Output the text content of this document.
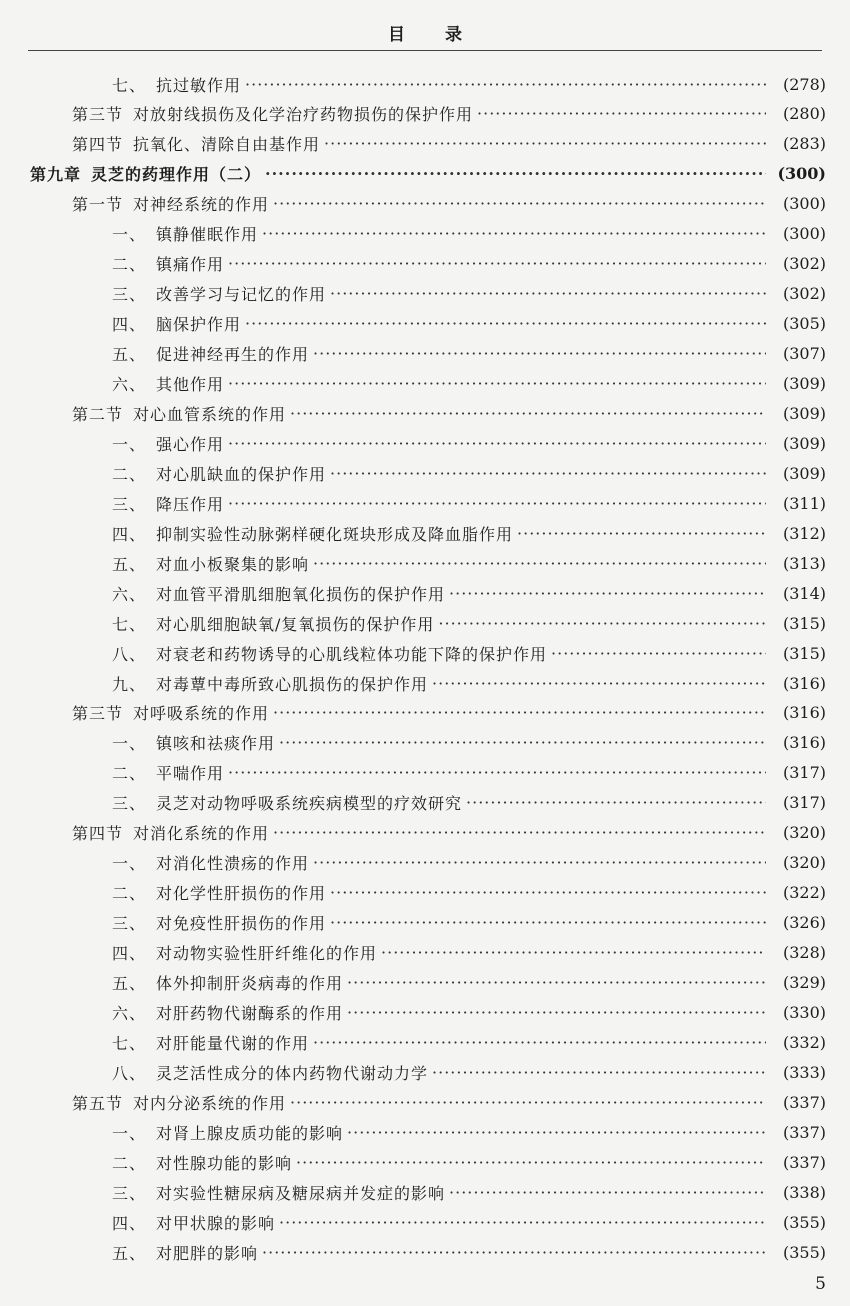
目录
七、 抗过敏作用 ·····	(278)
第三节 对放射线损伤及化学治疗药物损伤的保护作用 ·····	(280)
第四节 抗氧化、清除自由基作用 ·····	(283)
第九章 灵芝的药理作用（二） ·····	(300)
第一节 对神经系统的作用 ·····	(300)
一、 镇静催眠作用 ·····	(300)
二、 镇痛作用 ·····	(302)
三、 改善学习与记忆的作用 ·····	(302)
四、 脑保护作用 ·····	(305)
五、 促进神经再生的作用 ·····	(307)
六、 其他作用 ·····	(309)
第二节 对心血管系统的作用 ·····	(309)
一、 强心作用 ·····	(309)
二、 对心肌缺血的保护作用 ·····	(309)
三、 降压作用 ·····	(311)
四、 抑制实验性动脉粥样硬化斑块形成及降血脂作用 ·····	(312)
五、 对血小板聚集的影响 ·····	(313)
六、 对血管平滑肌细胞氧化损伤的保护作用 ·····	(314)
七、 对心肌细胞缺氧/复氧损伤的保护作用 ·····	(315)
八、 对衰老和药物诱导的心肌线粒体功能下降的保护作用 ·····	(315)
九、 对毒蕈中毒所致心肌损伤的保护作用 ·····	(316)
第三节 对呼吸系统的作用 ·····	(316)
一、 镇咳和祛痰作用 ·····	(316)
二、 平喘作用 ·····	(317)
三、 灵芝对动物呼吸系统疾病模型的疗效研究 ·····	(317)
第四节 对消化系统的作用 ·····	(320)
一、 对消化性溃疡的作用 ·····	(320)
二、 对化学性肝损伤的作用 ·····	(322)
三、 对免疫性肝损伤的作用 ·····	(326)
四、 对动物实验性肝纤维化的作用 ·····	(328)
五、 体外抑制肝炎病毒的作用 ·····	(329)
六、 对肝药物代谢酶系的作用 ·····	(330)
七、 对肝能量代谢的作用 ·····	(332)
八、 灵芝活性成分的体内药物代谢动力学 ·····	(333)
第五节 对内分泌系统的作用 ·····	(337)
一、 对肾上腺皮质功能的影响 ·····	(337)
二、 对性腺功能的影响 ·····	(337)
三、 对实验性糖尿病及糖尿病并发症的影响 ·····	(338)
四、 对甲状腺的影响 ·····	(355)
五、 对肥胖的影响 ·····	(355)
5
